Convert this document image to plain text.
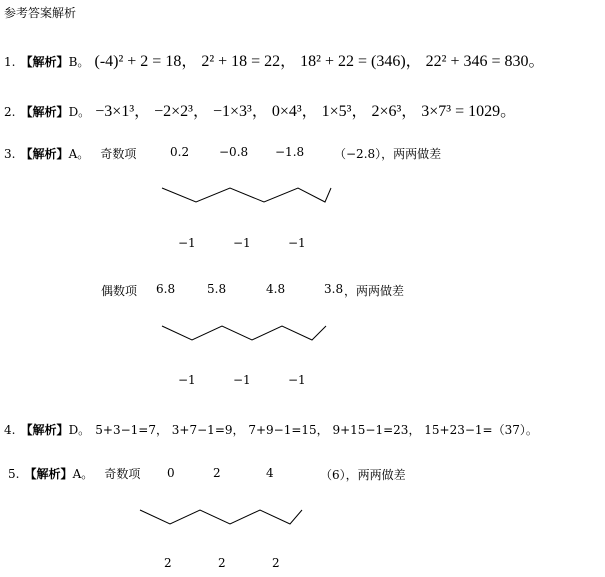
参考答案解析
1. 【解析】B。 (-4)² + 2 = 18， 2² + 18 = 22， 18² + 22 = (346)， 22² + 346 = 830。
2. 【解析】D。 −3×1³， −2×2³， −1×3³， 0×4³， 1×5³， 2×6³， 3×7³ = 1029。
3. 【解析】A。 奇数项	0.2 −0.8 −1.8 （−2.8），两两做差
−1	−1	−1
偶数项 6.8	5.8	4.8	3.8 ，两两做差
−1	−1	−1
4. 【解析】D。 5+3−1=7， 3+7−1=9， 7+9−1=15， 9+15−1=23， 15+23−1=（37）。
5. 【解析】A。 奇数项 0	2	4	（6），两两做差
2	2	2
